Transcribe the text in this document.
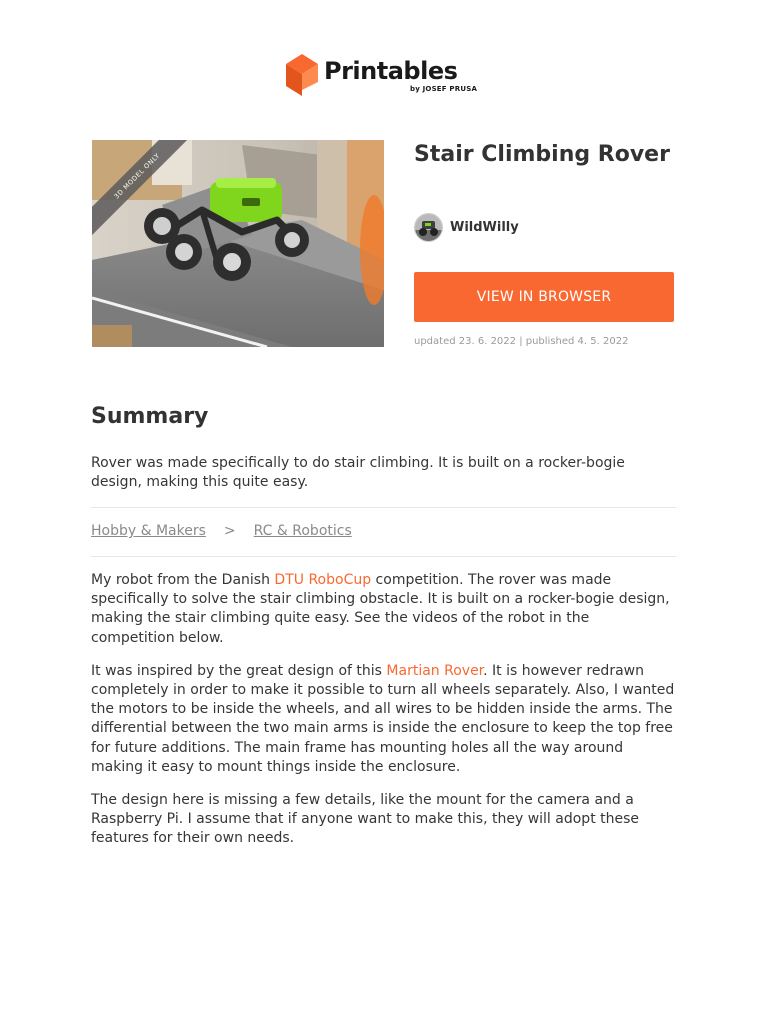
Printables
by JOSEF PRUSA
3D MODEL ONLY	Stair Climbing Rover
WildWilly
VIEW IN BROWSER
updated 23. 6. 2022 | published 4. 5. 2022
Summary

Rover was made specifically to do stair climbing. It is built on a rocker-bogie design, making this quite easy.

Hobby & Makers > RC & Robotics

My robot from the Danish DTU RoboCup competition. The rover was made specifically to solve the stair climbing obstacle. It is built on a rocker-bogie design, making the stair climbing quite easy. See the videos of the robot in the competition below.

It was inspired by the great design of this Martian Rover. It is however redrawn completely in order to make it possible to turn all wheels separately. Also, I wanted the motors to be inside the wheels, and all wires to be hidden inside the arms. The differential between the two main arms is inside the enclosure to keep the top free for future additions. The main frame has mounting holes all the way around making it easy to mount things inside the enclosure.

The design here is missing a few details, like the mount for the camera and a Raspberry Pi. I assume that if anyone want to make this, they will adopt these features for their own needs.
